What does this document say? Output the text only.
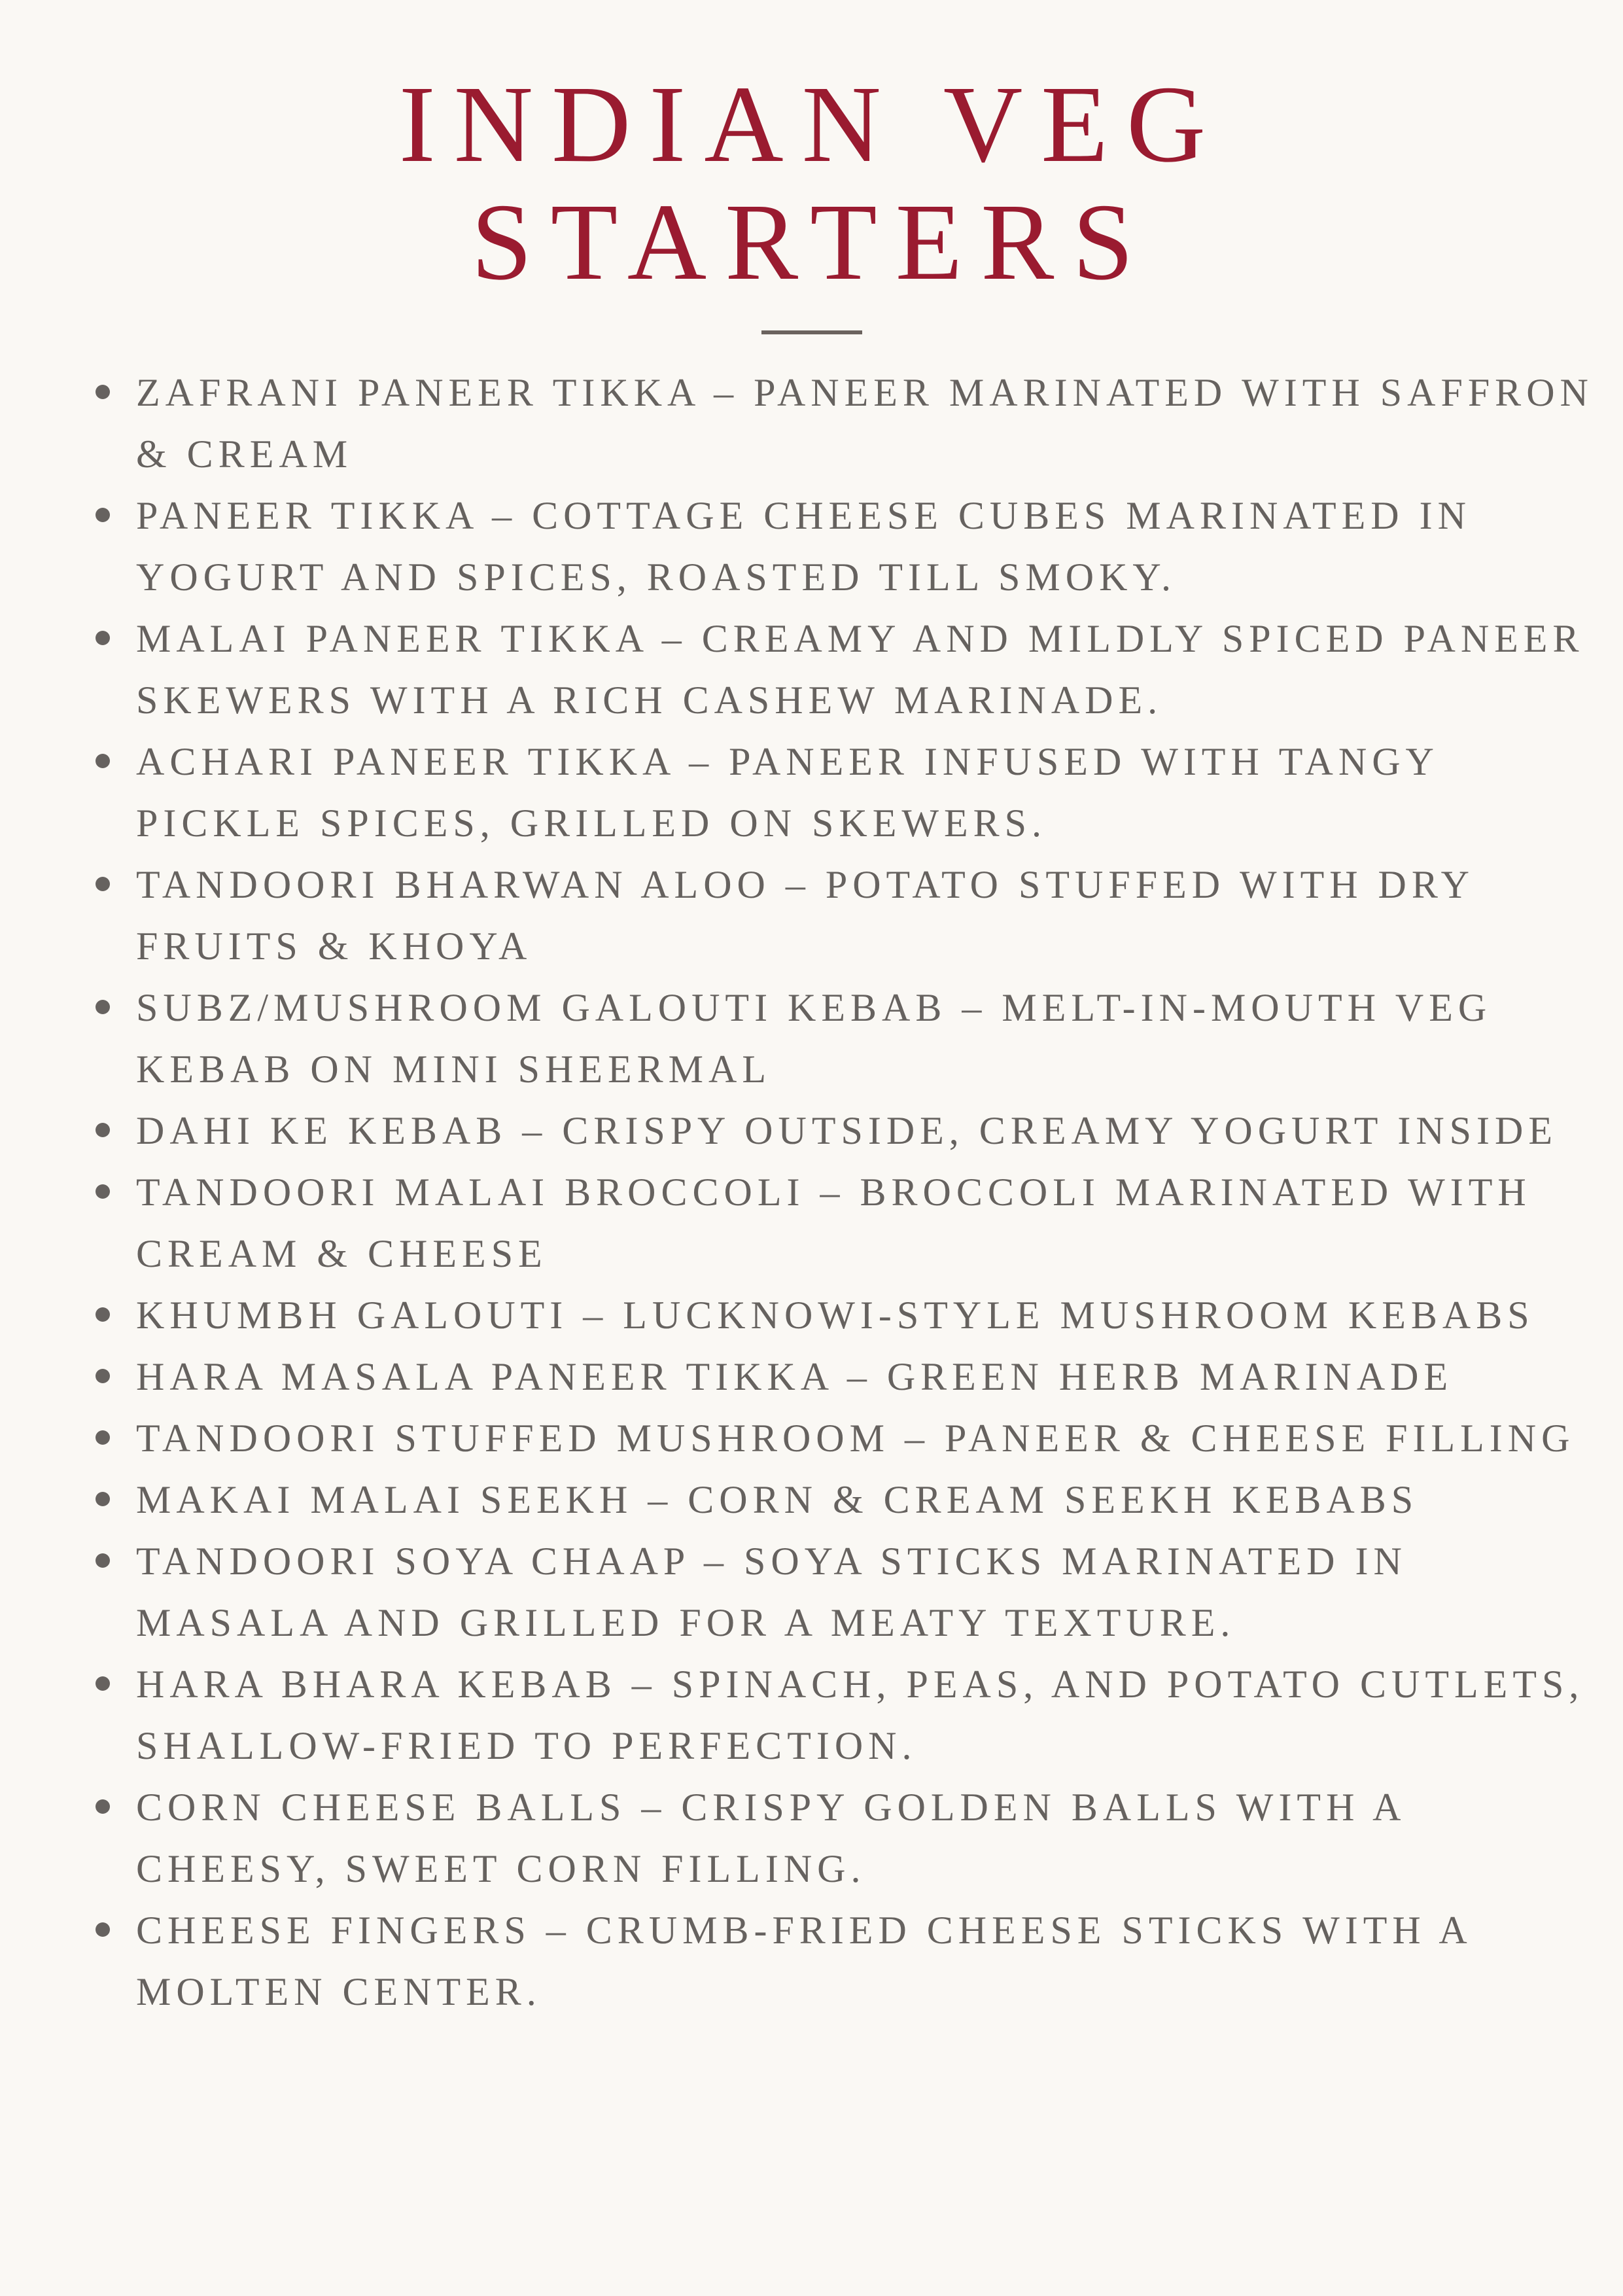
INDIAN VEG
STARTERS
ZAFRANI PANEER TIKKA – PANEER MARINATED WITH SAFFRON & CREAM
PANEER TIKKA – COTTAGE CHEESE CUBES MARINATED IN YOGURT AND SPICES, ROASTED TILL SMOKY.
MALAI PANEER TIKKA – CREAMY AND MILDLY SPICED PANEER SKEWERS WITH A RICH CASHEW MARINADE.
ACHARI PANEER TIKKA – PANEER INFUSED WITH TANGY PICKLE SPICES, GRILLED ON SKEWERS.
TANDOORI BHARWAN ALOO – POTATO STUFFED WITH DRY FRUITS & KHOYA
SUBZ/MUSHROOM GALOUTI KEBAB – MELT-IN-MOUTH VEG KEBAB ON MINI SHEERMAL
DAHI KE KEBAB – CRISPY OUTSIDE, CREAMY YOGURT INSIDE
TANDOORI MALAI BROCCOLI – BROCCOLI MARINATED WITH CREAM & CHEESE
KHUMBH GALOUTI – LUCKNOWI-STYLE MUSHROOM KEBABS
HARA MASALA PANEER TIKKA – GREEN HERB MARINADE
TANDOORI STUFFED MUSHROOM – PANEER & CHEESE FILLING
MAKAI MALAI SEEKH – CORN & CREAM SEEKH KEBABS
TANDOORI SOYA CHAAP – SOYA STICKS MARINATED IN MASALA AND GRILLED FOR A MEATY TEXTURE.
HARA BHARA KEBAB – SPINACH, PEAS, AND POTATO CUTLETS, SHALLOW-FRIED TO PERFECTION.
CORN CHEESE BALLS – CRISPY GOLDEN BALLS WITH A CHEESY, SWEET CORN FILLING.
CHEESE FINGERS – CRUMB-FRIED CHEESE STICKS WITH A MOLTEN CENTER.
